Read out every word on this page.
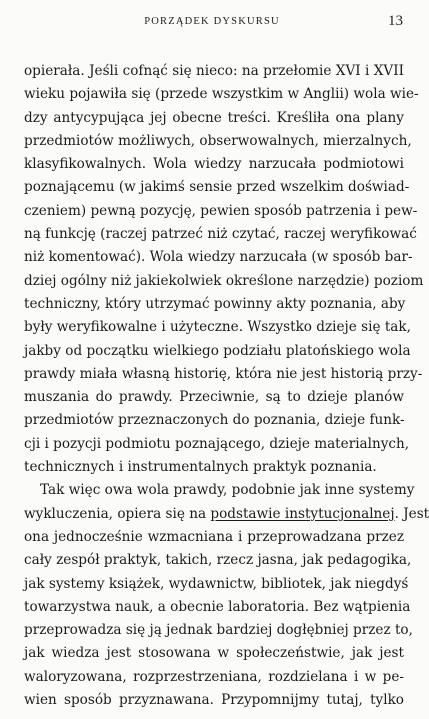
PORZĄDEK DYSKURSU	13
opierała. Jeśli cofnąć się nieco: na przełomie XVI i XVII
wieku pojawiła się (przede wszystkim w Anglii) wola wie-
dzy antycypująca jej obecne treści. Kreśliła ona plany
przedmiotów możliwych, obserwowalnych, mierzalnych,
klasyfikowalnych. Wola wiedzy narzucała podmiotowi
poznającemu (w jakimś sensie przed wszelkim doświad-
czeniem) pewną pozycję, pewien sposób patrzenia i pew-
ną funkcję (raczej patrzeć niż czytać, raczej weryfikować
niż komentować). Wola wiedzy narzucała (w sposób bar-
dziej ogólny niż jakiekolwiek określone narzędzie) poziom
techniczny, który utrzymać powinny akty poznania, aby
były weryfikowalne i użyteczne. Wszystko dzieje się tak,
jakby od początku wielkiego podziału platońskiego wola
prawdy miała własną historię, która nie jest historią przy-
muszania do prawdy. Przeciwnie, są to dzieje planów
przedmiotów przeznaczonych do poznania, dzieje funk-
cji i pozycji podmiotu poznającego, dzieje materialnych,
technicznych i instrumentalnych praktyk poznania.
Tak więc owa wola prawdy, podobnie jak inne systemy
wykluczenia, opiera się na podstawie instytucjonalnej. Jest
ona jednocześnie wzmacniana i przeprowadzana przez
cały zespół praktyk, takich, rzecz jasna, jak pedagogika,
jak systemy książek, wydawnictw, bibliotek, jak niegdyś
towarzystwa nauk, a obecnie laboratoria. Bez wątpienia
przeprowadza się ją jednak bardziej dogłębniej przez to,
jak wiedza jest stosowana w społeczeństwie, jak jest
waloryzowana, rozprzestrzeniana, rozdzielana i w pe-
wien sposób przyznawana. Przypomnijmy tutaj, tylko
